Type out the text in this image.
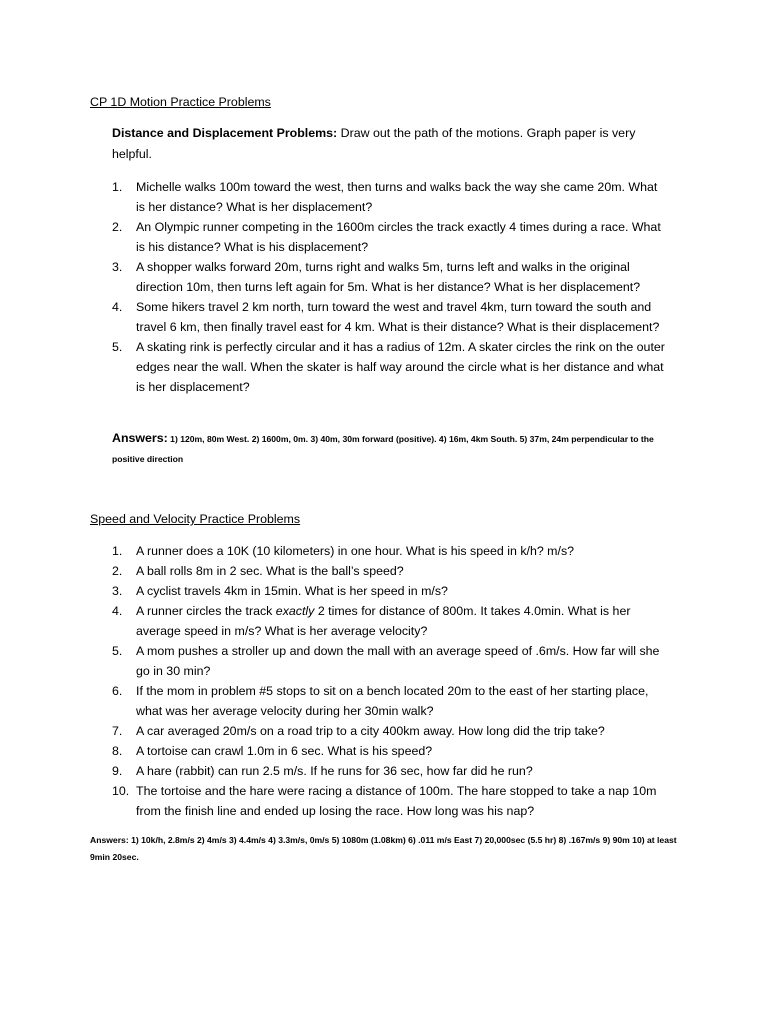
CP 1D Motion Practice Problems
Distance and Displacement Problems: Draw out the path of the motions. Graph paper is very helpful.
1. Michelle walks 100m toward the west, then turns and walks back the way she came 20m. What is her distance? What is her displacement?
2. An Olympic runner competing in the 1600m circles the track exactly 4 times during a race. What is his distance? What is his displacement?
3. A shopper walks forward 20m, turns right and walks 5m, turns left and walks in the original direction 10m, then turns left again for 5m. What is her distance? What is her displacement?
4. Some hikers travel 2 km north, turn toward the west and travel 4km, turn toward the south and travel 6 km, then finally travel east for 4 km. What is their distance? What is their displacement?
5. A skating rink is perfectly circular and it has a radius of 12m. A skater circles the rink on the outer edges near the wall. When the skater is half way around the circle what is her distance and what is her displacement?
Answers: 1) 120m, 80m West. 2) 1600m, 0m. 3) 40m, 30m forward (positive). 4) 16m, 4km South. 5) 37m, 24m perpendicular to the positive direction
Speed and Velocity Practice Problems
1. A runner does a 10K (10 kilometers) in one hour. What is his speed in k/h? m/s?
2. A ball rolls 8m in 2 sec. What is the ball’s speed?
3. A cyclist travels 4km in 15min. What is her speed in m/s?
4. A runner circles the track exactly 2 times for distance of 800m. It takes 4.0min. What is her average speed in m/s? What is her average velocity?
5. A mom pushes a stroller up and down the mall with an average speed of .6m/s. How far will she go in 30 min?
6. If the mom in problem #5 stops to sit on a bench located 20m to the east of her starting place, what was her average velocity during her 30min walk?
7. A car averaged 20m/s on a road trip to a city 400km away. How long did the trip take?
8. A tortoise can crawl 1.0m in 6 sec. What is his speed?
9. A hare (rabbit) can run 2.5 m/s. If he runs for 36 sec, how far did he run?
10. The tortoise and the hare were racing a distance of 100m. The hare stopped to take a nap 10m from the finish line and ended up losing the race. How long was his nap?
Answers: 1) 10k/h, 2.8m/s 2) 4m/s 3) 4.4m/s 4) 3.3m/s, 0m/s 5) 1080m (1.08km) 6) .011 m/s East 7) 20,000sec (5.5 hr) 8) .167m/s 9) 90m 10) at least 9min 20sec.
